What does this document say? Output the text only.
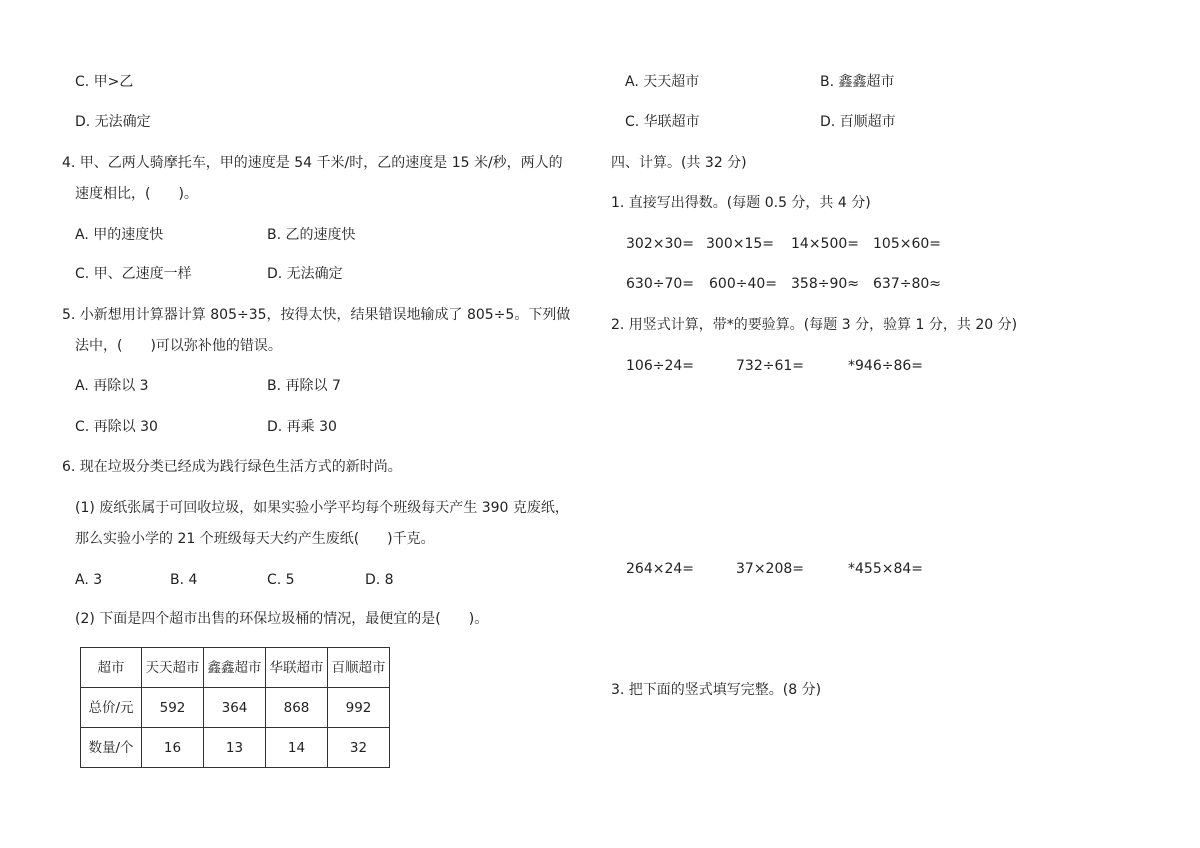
C. 甲>乙
D. 无法确定
4. 甲、乙两人骑摩托车，甲的速度是 54 千米/时，乙的速度是 15 米/秒，两人的
速度相比，(　　)。
A. 甲的速度快	B. 乙的速度快
C. 甲、乙速度一样	D. 无法确定
5. 小新想用计算器计算 805÷35，按得太快，结果错误地输成了 805÷5。下列做
法中，(　　)可以弥补他的错误。
A. 再除以 3	B. 再除以 7
C. 再除以 30	D. 再乘 30
6. 现在垃圾分类已经成为践行绿色生活方式的新时尚。
(1) 废纸张属于可回收垃圾，如果实验小学平均每个班级每天产生 390 克废纸，
那么实验小学的 21 个班级每天大约产生废纸(　　)千克。
A. 3	B. 4	C. 5	D. 8
(2) 下面是四个超市出售的环保垃圾桶的情况，最便宜的是(　　)。
超市	天天超市	鑫鑫超市	华联超市	百顺超市
总价/元	592	364	868	992
数量/个	16	13	14	32
A. 天天超市	B. 鑫鑫超市
C. 华联超市	D. 百顺超市
四、计算。(共 32 分)
1. 直接写出得数。(每题 0.5 分，共 4 分)
302×30= 300×15= 14×500= 105×60=
630÷70= 600÷40= 358÷90≈ 637÷80≈
2. 用竖式计算，带*的要验算。(每题 3 分，验算 1 分，共 20 分)
106÷24=	732÷61=	*946÷86=
264×24=	37×208=	*455×84=
3. 把下面的竖式填写完整。(8 分)
